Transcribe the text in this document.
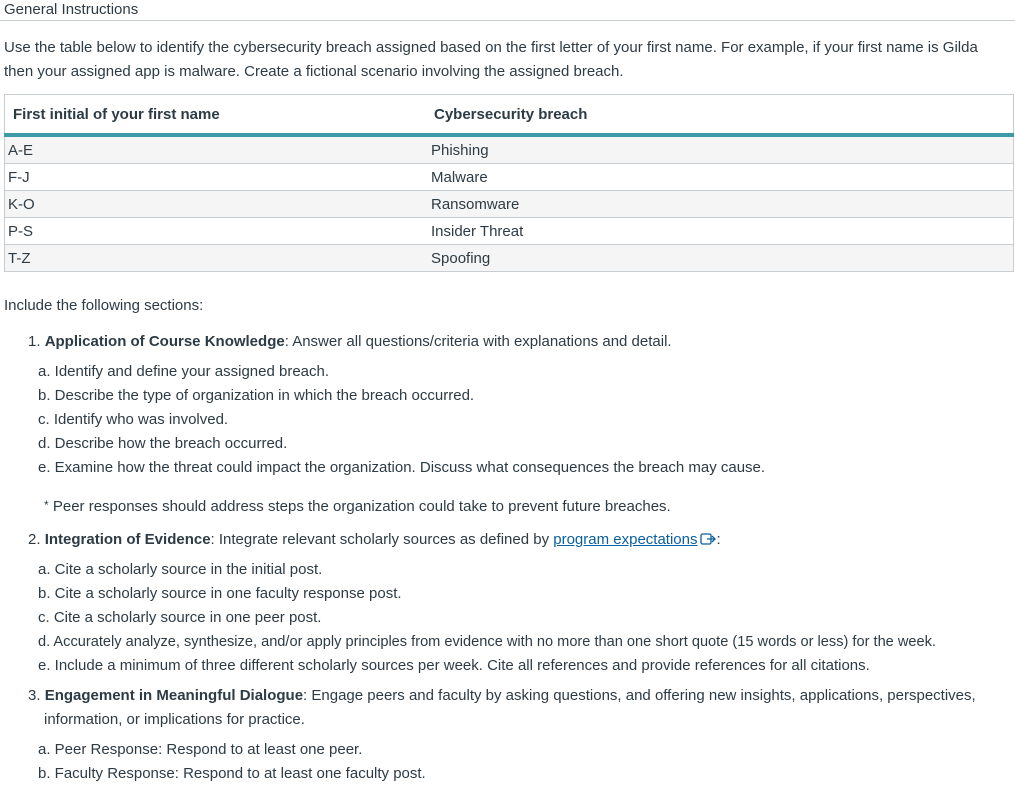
General Instructions
Use the table below to identify the cybersecurity breach assigned based on the first letter of your first name. For example, if your first name is Gilda then your assigned app is malware. Create a fictional scenario involving the assigned breach.
First initial of your first name	Cybersecurity breach
A-E	Phishing
F-J	Malware
K-O	Ransomware
P-S	Insider Threat
T-Z	Spoofing
Include the following sections:
1. Application of Course Knowledge: Answer all questions/criteria with explanations and detail.
a. Identify and define your assigned breach.
b. Describe the type of organization in which the breach occurred.
c. Identify who was involved.
d. Describe how the breach occurred.
e. Examine how the threat could impact the organization. Discuss what consequences the breach may cause.
* Peer responses should address steps the organization could take to prevent future breaches.
2. Integration of Evidence: Integrate relevant scholarly sources as defined by program expectations :
a. Cite a scholarly source in the initial post.
b. Cite a scholarly source in one faculty response post.
c. Cite a scholarly source in one peer post.
d. Accurately analyze, synthesize, and/or apply principles from evidence with no more than one short quote (15 words or less) for the week.
e. Include a minimum of three different scholarly sources per week. Cite all references and provide references for all citations.
3. Engagement in Meaningful Dialogue: Engage peers and faculty by asking questions, and offering new insights, applications, perspectives, information, or implications for practice.
a. Peer Response: Respond to at least one peer.
b. Faculty Response: Respond to at least one faculty post.
